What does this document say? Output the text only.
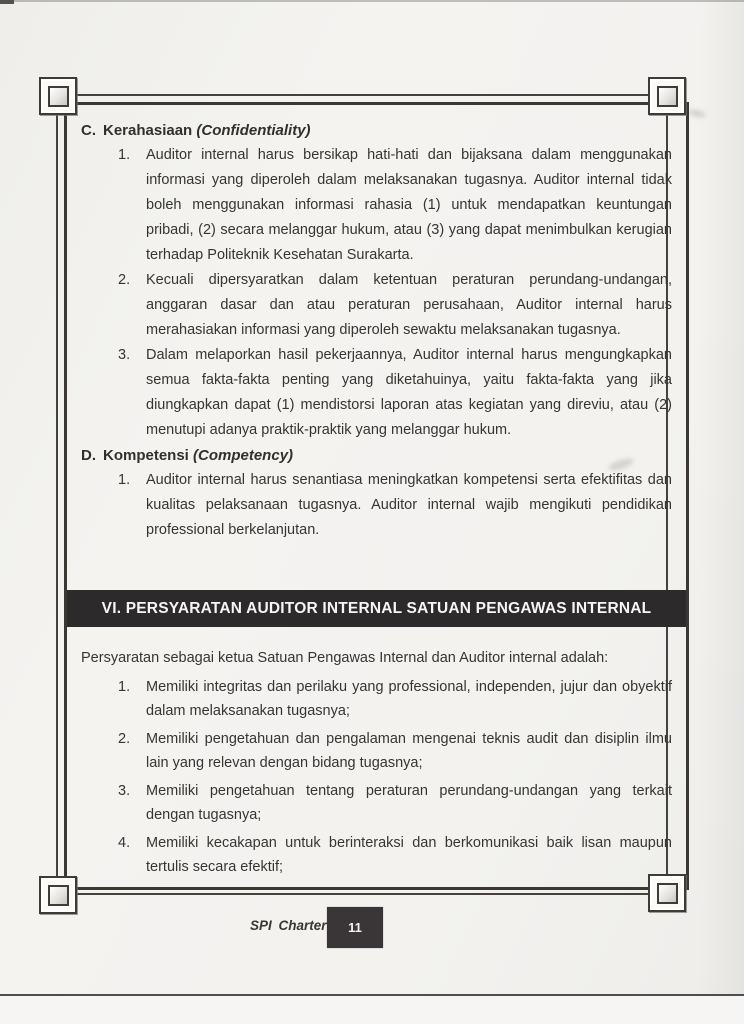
C. Kerahasiaan (Confidentiality)
1.	Auditor internal harus bersikap hati-hati dan bijaksana dalam menggunakan informasi yang diperoleh dalam melaksanakan tugasnya. Auditor internal tidak boleh menggunakan informasi rahasia (1) untuk mendapatkan keuntungan pribadi, (2) secara melanggar hukum, atau (3) yang dapat menimbulkan kerugian terhadap Politeknik Kesehatan Surakarta.
2.	Kecuali dipersyaratkan dalam ketentuan peraturan perundang-undangan, anggaran dasar dan atau peraturan perusahaan, Auditor internal harus merahasiakan informasi yang diperoleh sewaktu melaksanakan tugasnya.
3.	Dalam melaporkan hasil pekerjaannya, Auditor internal harus mengungkapkan semua fakta-fakta penting yang diketahuinya, yaitu fakta-fakta yang jika diungkapkan dapat (1) mendistorsi laporan atas kegiatan yang direviu, atau (2) menutupi adanya praktik-praktik yang melanggar hukum.
D. Kompetensi (Competency)
1.	Auditor internal harus senantiasa meningkatkan kompetensi serta efektifitas dan kualitas pelaksanaan tugasnya. Auditor internal wajib mengikuti pendidikan professional berkelanjutan.
VI. PERSYARATAN AUDITOR INTERNAL SATUAN PENGAWAS INTERNAL
Persyaratan sebagai ketua Satuan Pengawas Internal dan Auditor internal adalah:
1.	Memiliki integritas dan perilaku yang professional, independen, jujur dan obyektif dalam melaksanakan tugasnya;
2.	Memiliki pengetahuan dan pengalaman mengenai teknis audit dan disiplin ilmu lain yang relevan dengan bidang tugasnya;
3.	Memiliki pengetahuan tentang peraturan perundang-undangan yang terkait dengan tugasnya;
4.	Memiliki kecakapan untuk berinteraksi dan berkomunikasi baik lisan maupun tertulis secara efektif;
SPI Charter	11
